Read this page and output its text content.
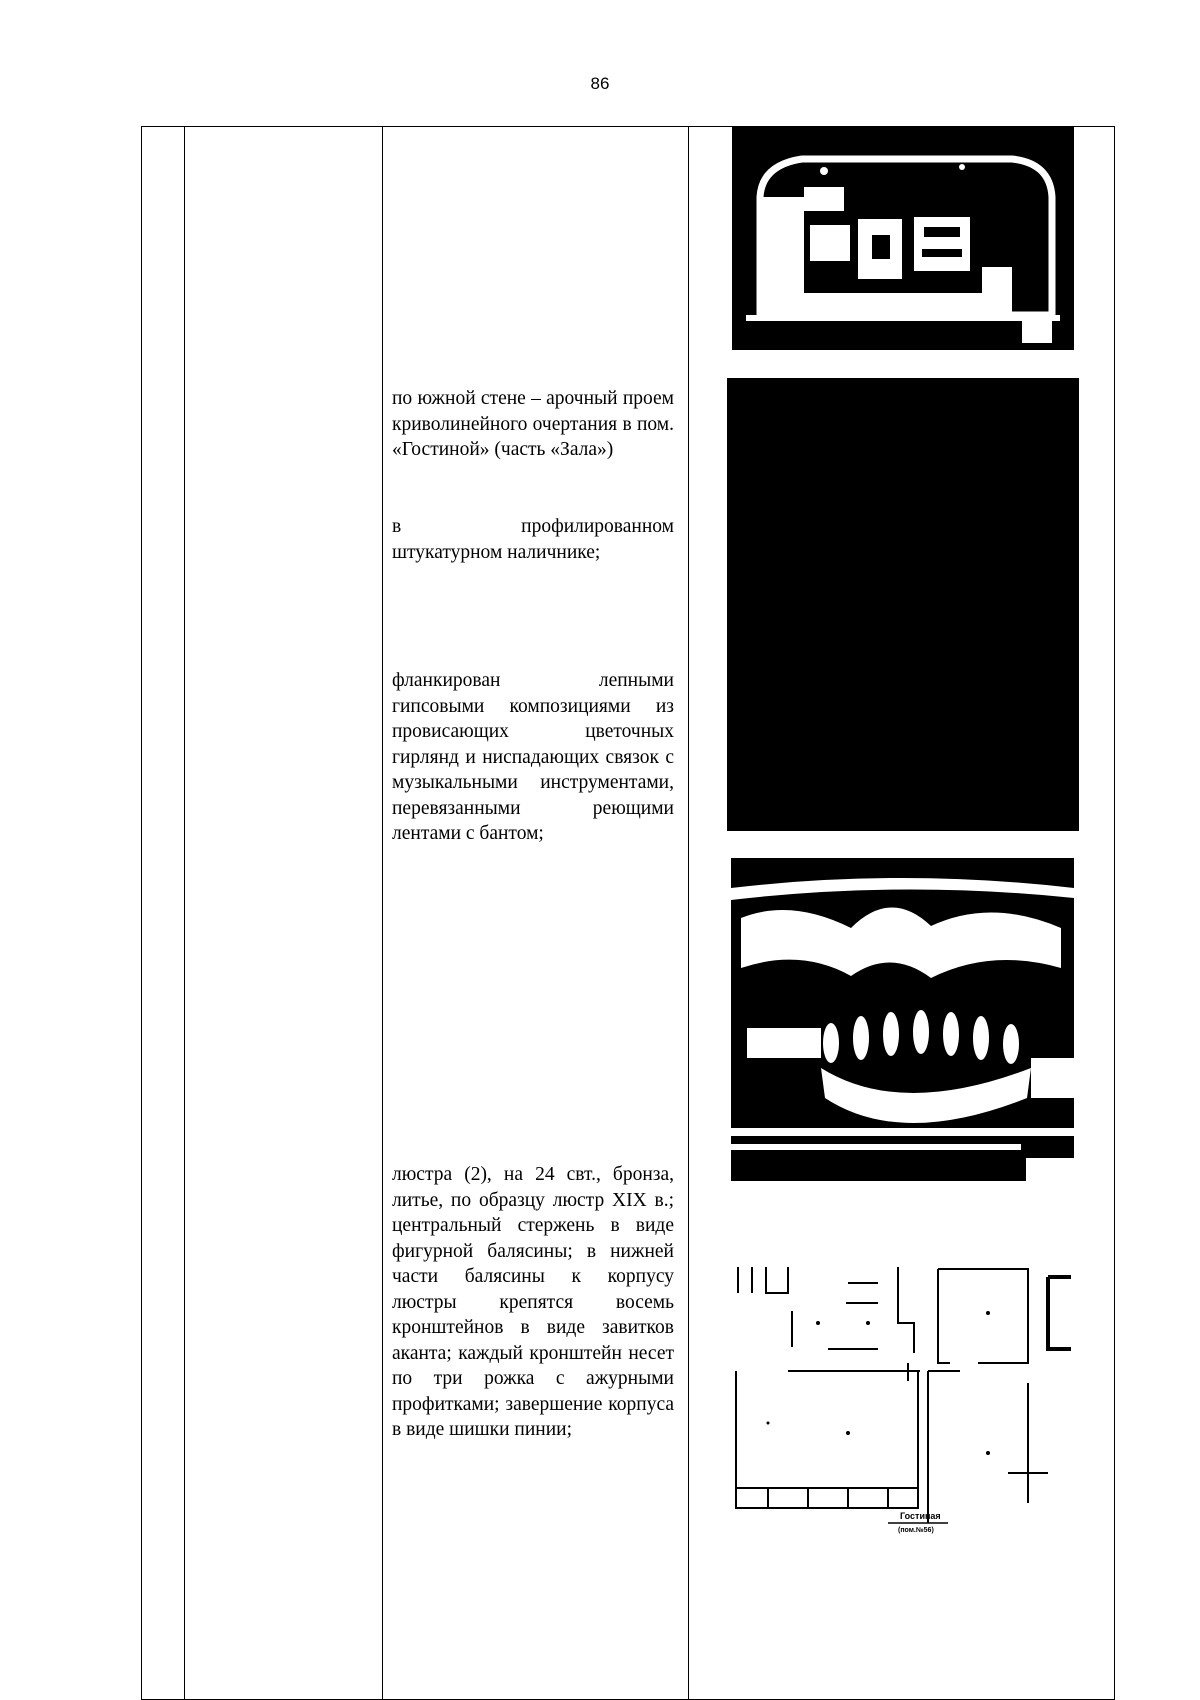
86
по южной стене – арочный проем криволинейного очертания в пом. «Гостиной» (часть «Зала»)
в профилированном штукатурном наличнике;
фланкирован лепными гипсовыми композициями из провисающих цветочных гирлянд и ниспадающих связок с музыкальными инструментами, перевязанными реющими лентами с бантом;
люстра (2), на 24 свт., бронза, литье, по образцу люстр XIX в.; центральный стержень в виде фигурной балясины; в нижней части балясины к корпусу люстры крепятся восемь кронштейнов в виде завитков аканта; каждый кронштейн несет по три рожка с ажурными профитками; завершение корпуса в виде шишки пинии;
Гостиная
(пом.№56)
